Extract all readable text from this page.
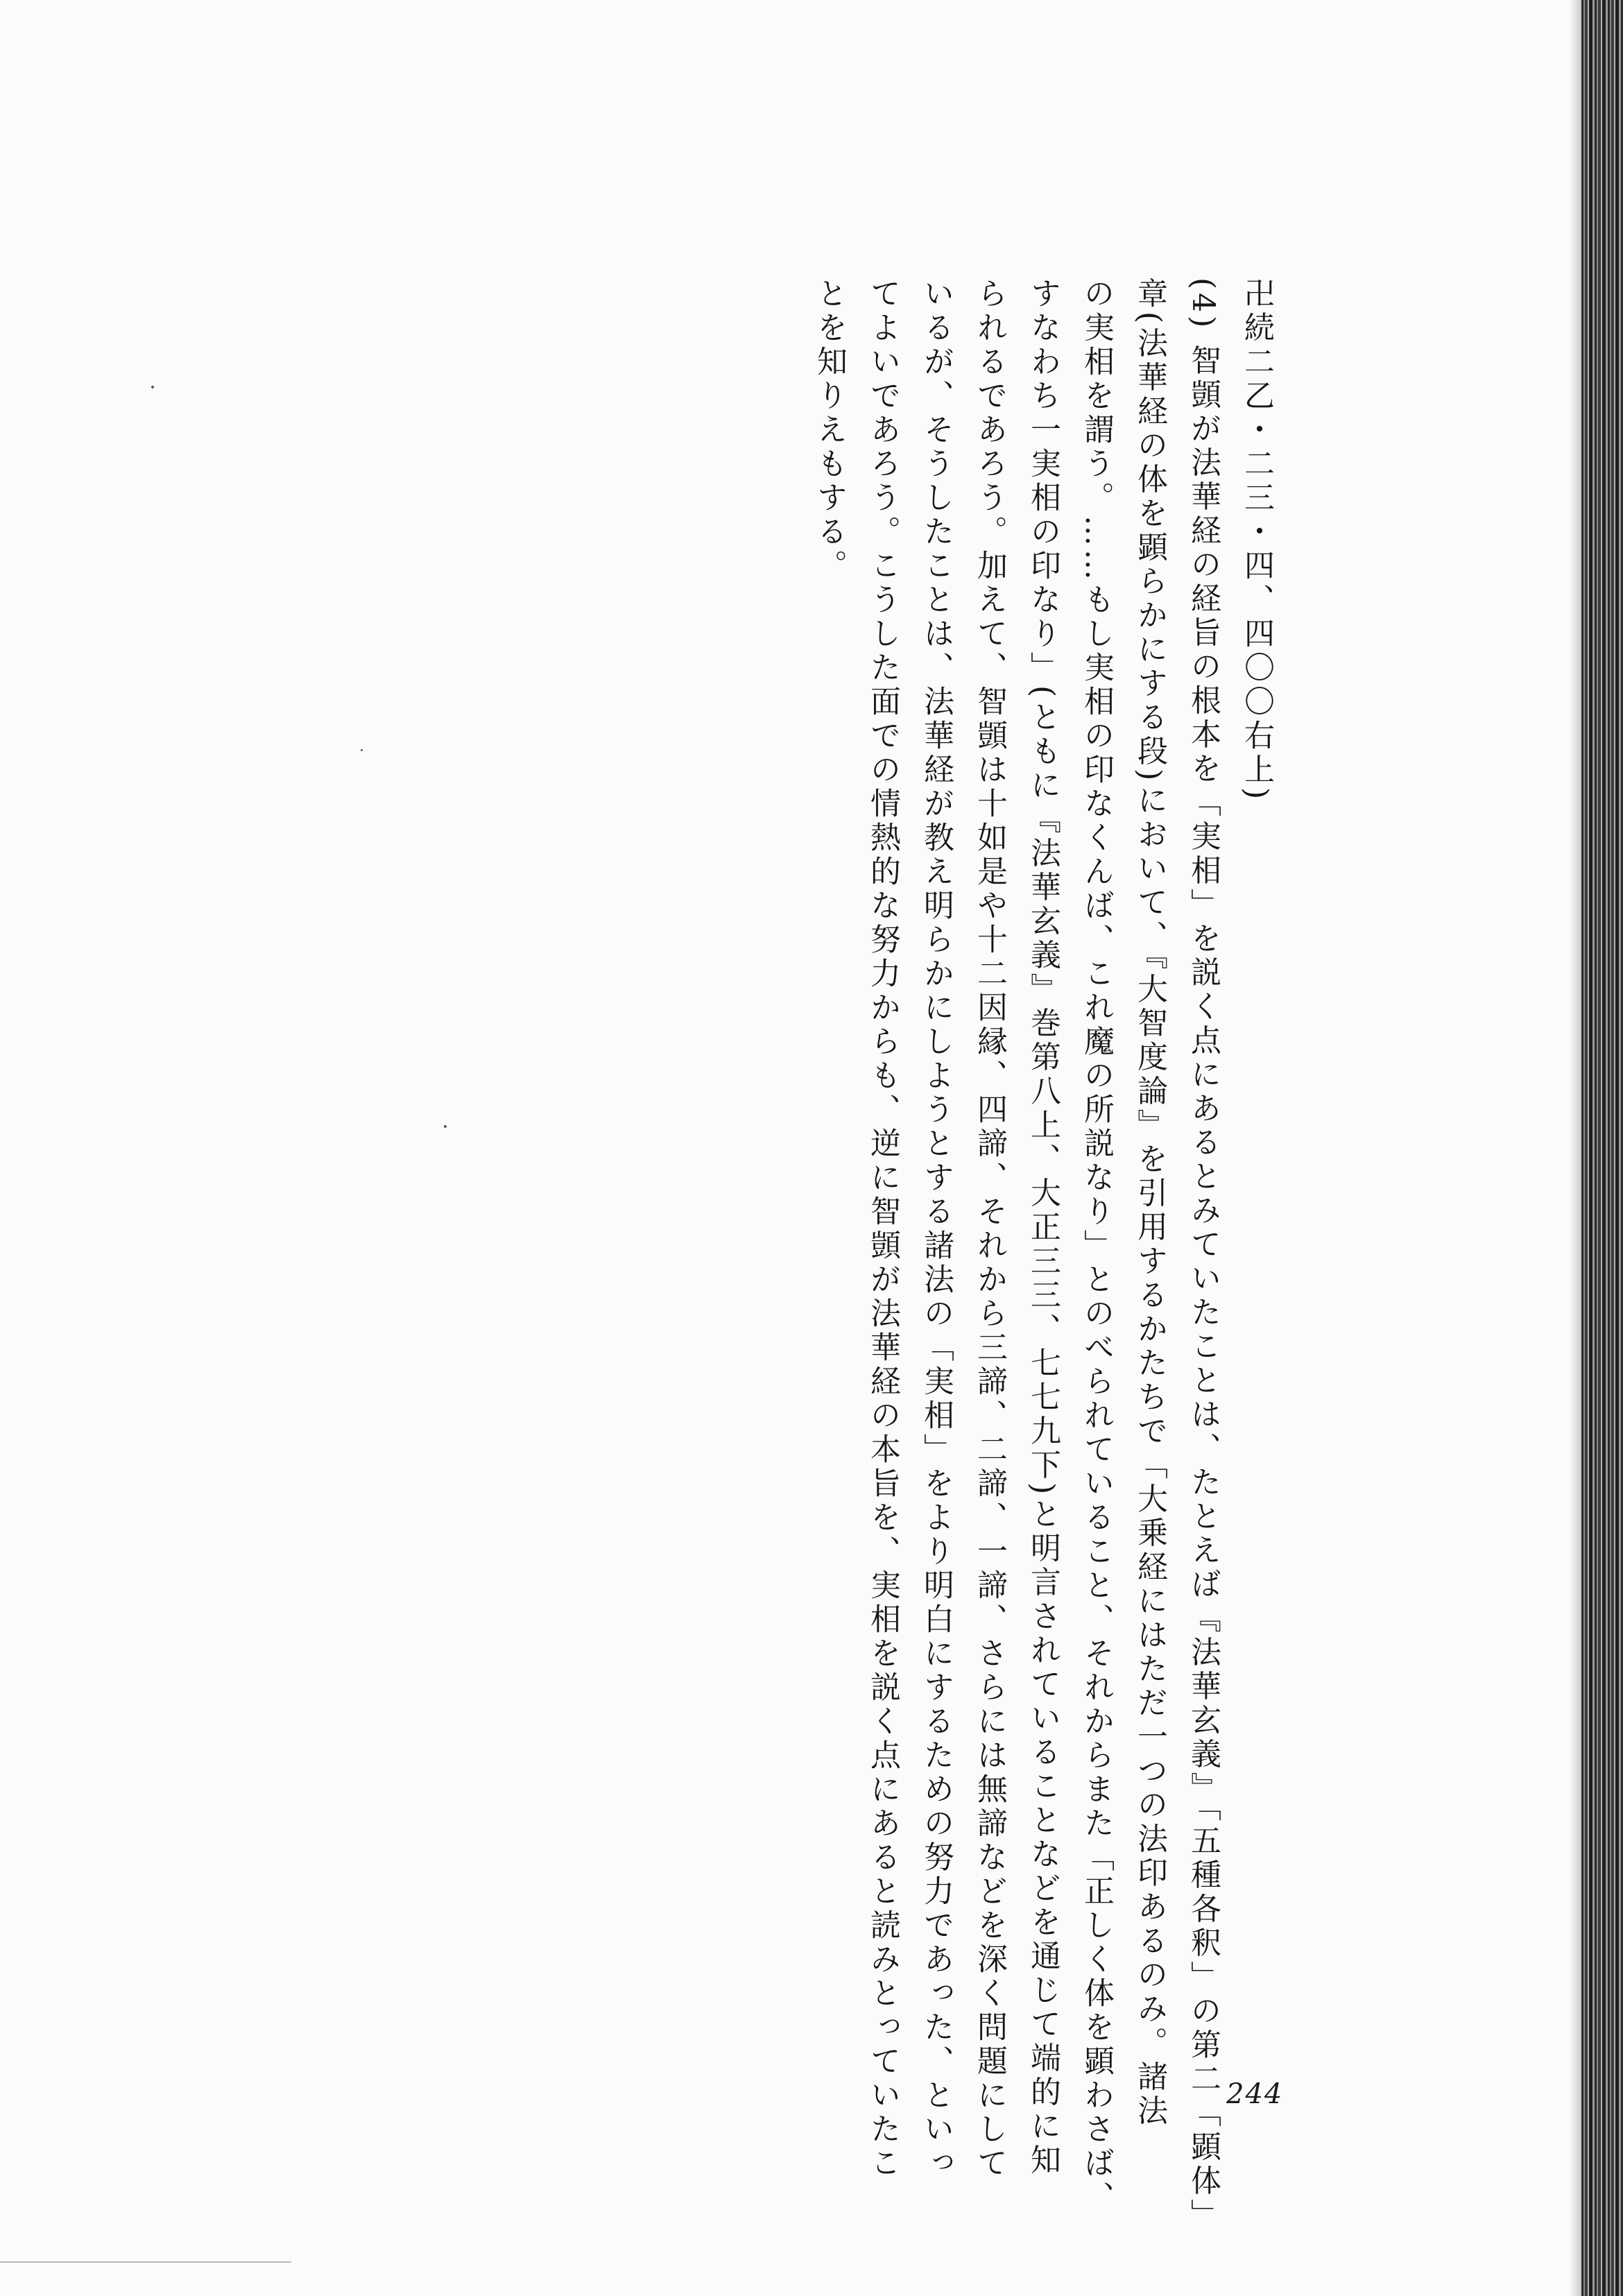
卍続二乙・二三・四、四〇〇右上)
(4) 智顗が法華経の経旨の根本を「実相」を説く点にあるとみていたことは、たとえば『法華玄義』「五種各釈」の第二「顕体」
章(法華経の体を顕らかにする段)において、『大智度論』を引用するかたちで「大乗経にはただ一つの法印あるのみ。諸法
の実相を謂う。……もし実相の印なくんば、これ魔の所説なり」とのべられていること、それからまた「正しく体を顕わさば、
すなわち一実相の印なり」(ともに『法華玄義』巻第八上、大正三三、七七九下)と明言されていることなどを通じて端的に知
られるであろう。加えて、智顗は十如是や十二因縁、四諦、それから三諦、二諦、一諦、さらには無諦などを深く問題にして
いるが、そうしたことは、法華経が教え明らかにしようとする諸法の「実相」をより明白にするための努力であった、といっ
てよいであろう。こうした面での情熱的な努力からも、逆に智顗が法華経の本旨を、実相を説く点にあると読みとっていたこ
とを知りえもする。
244
